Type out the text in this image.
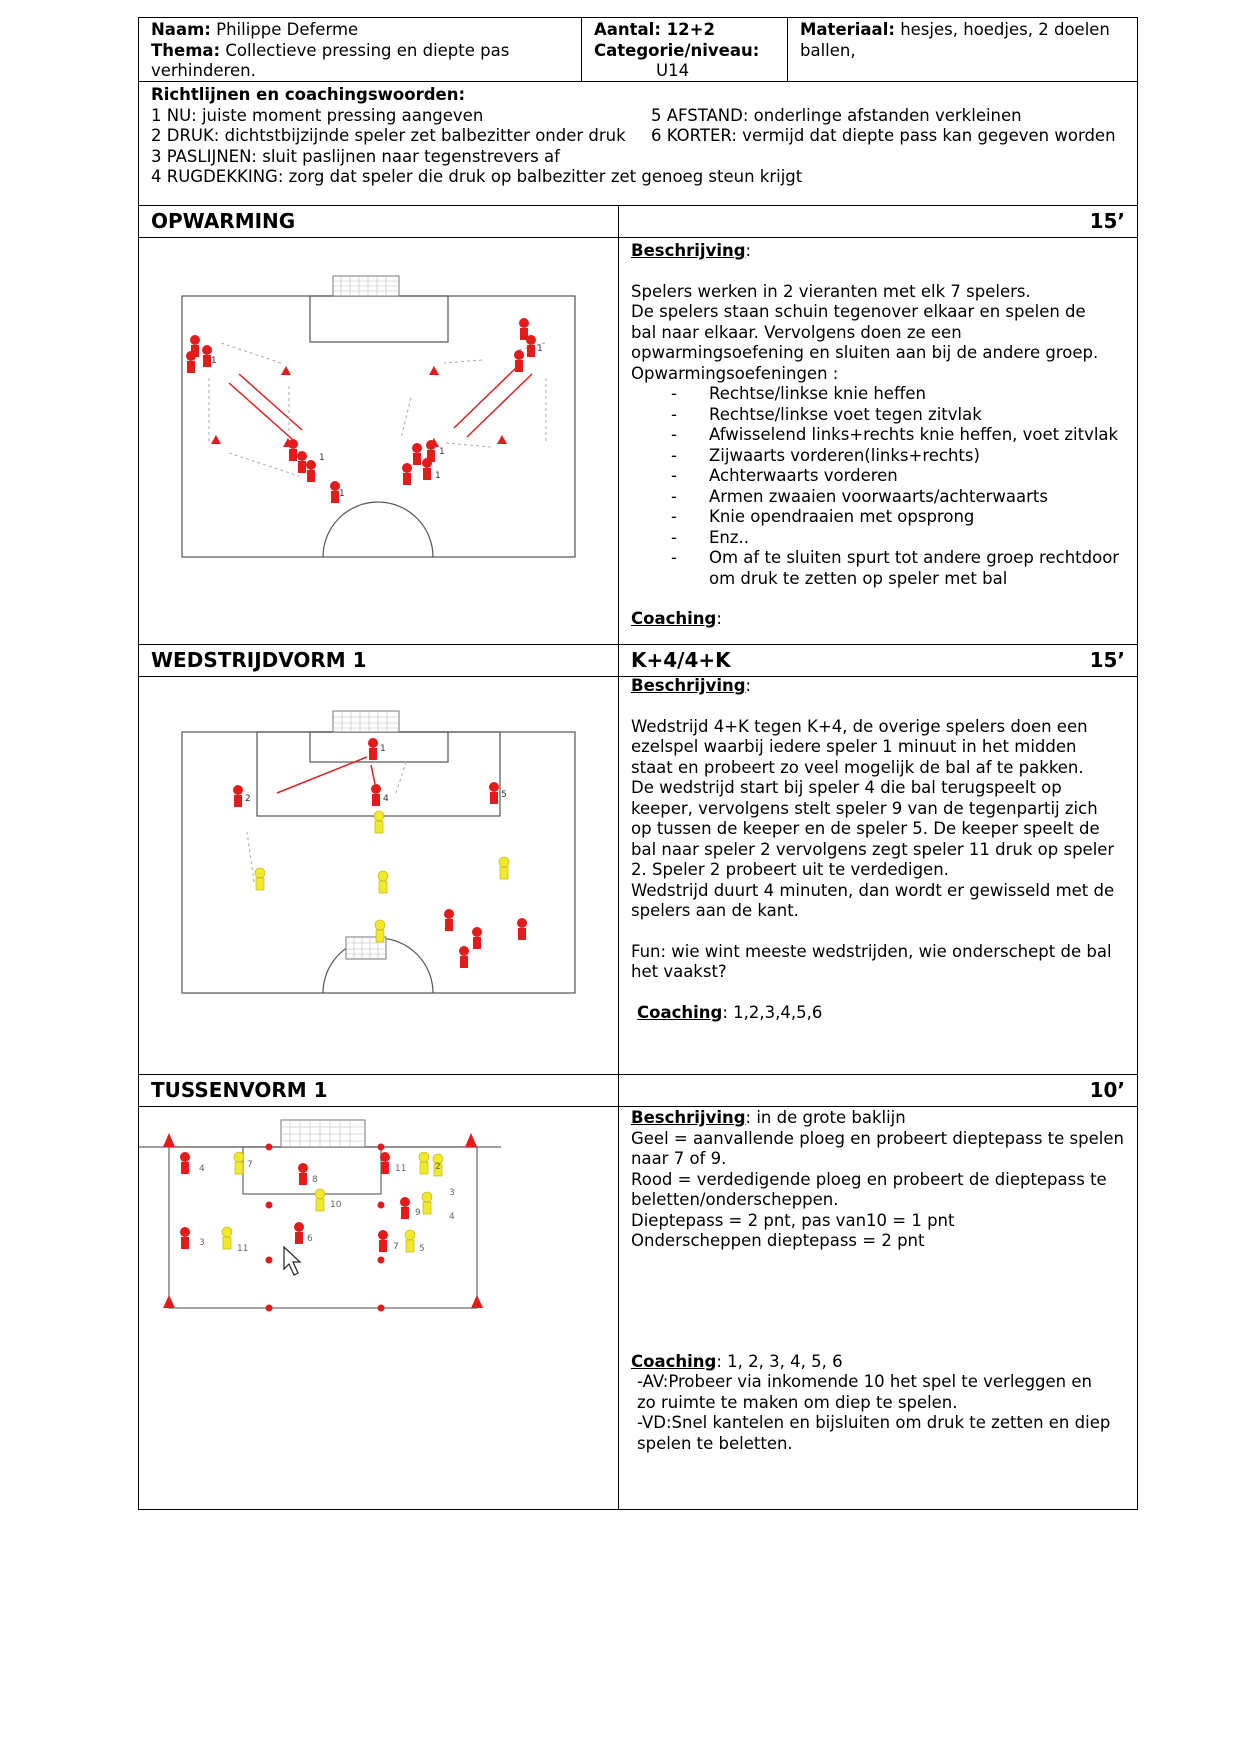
Naam: Philippe Deferme
Thema: Collectieve pressing en diepte pas verhinderen.
Aantal: 12+2
Categorie/niveau:
U14
Materiaal: hesjes, hoedjes, 2 doelen ballen,
Richtlijnen en coachingswoorden:
1 NU: juiste moment pressing aangeven	5 AFSTAND: onderlinge afstanden verkleinen
2 DRUK: dichtstbijzijnde speler zet balbezitter onder druk	6 KORTER: vermijd dat diepte pass kan gegeven worden
3 PASLIJNEN: sluit paslijnen naar tegenstrevers af
4 RUGDEKKING: zorg dat speler die druk op balbezitter zet genoeg steun krijgt
OPWARMING	15’
1
1
1
1
1
1
Beschrijving:
Spelers werken in 2 vieranten met elk 7 spelers.
De spelers staan schuin tegenover elkaar en spelen de
bal naar elkaar. Vervolgens doen ze een
opwarmingsoefening en sluiten aan bij de andere groep.
Opwarmingsoefeningen :
- Rechtse/linkse knie heffen
- Rechtse/linkse voet tegen zitvlak
- Afwisselend links+rechts knie heffen, voet zitvlak
- Zijwaarts vorderen(links+rechts)
- Achterwaarts vorderen
- Armen zwaaien voorwaarts/achterwaarts
- Knie opendraaien met opsprong
- Enz..
- Om af te sluiten spurt tot andere groep rechtdoor om druk te zetten op speler met bal
Coaching:
WEDSTRIJDVORM 1	K+4/4+K	15’
1
2	4	5
Beschrijving:
Wedstrijd 4+K tegen K+4, de overige spelers doen een
ezelspel waarbij iedere speler 1 minuut in het midden
staat en probeert zo veel mogelijk de bal af te pakken.
De wedstrijd start bij speler 4 die bal terugspeelt op
keeper, vervolgens stelt speler 9 van de tegenpartij zich
op tussen de keeper en de speler 5. De keeper speelt de
bal naar speler 2 vervolgens zegt speler 11 druk op speler
2. Speler 2 probeert uit te verdedigen.
Wedstrijd duurt 4 minuten, dan wordt er gewisseld met de
spelers aan de kant.
Fun: wie wint meeste wedstrijden, wie onderschept de bal
het vaakst?
Coaching: 1,2,3,4,5,6
TUSSENVORM 1	10’
4	7
8
11	2
10
9
3
3
11
6
7 5
4
Beschrijving: in de grote baklijn
Geel = aanvallende ploeg en probeert dieptepass te spelen
naar 7 of 9.
Rood = verdedigende ploeg en probeert de dieptepass te
beletten/onderscheppen.
Dieptepass = 2 pnt, pas van10 = 1 pnt
Onderscheppen dieptepass = 2 pnt
Coaching: 1, 2, 3, 4, 5, 6
-AV:Probeer via inkomende 10 het spel te verleggen en
zo ruimte te maken om diep te spelen.
-VD:Snel kantelen en bijsluiten om druk te zetten en diep
spelen te beletten.
